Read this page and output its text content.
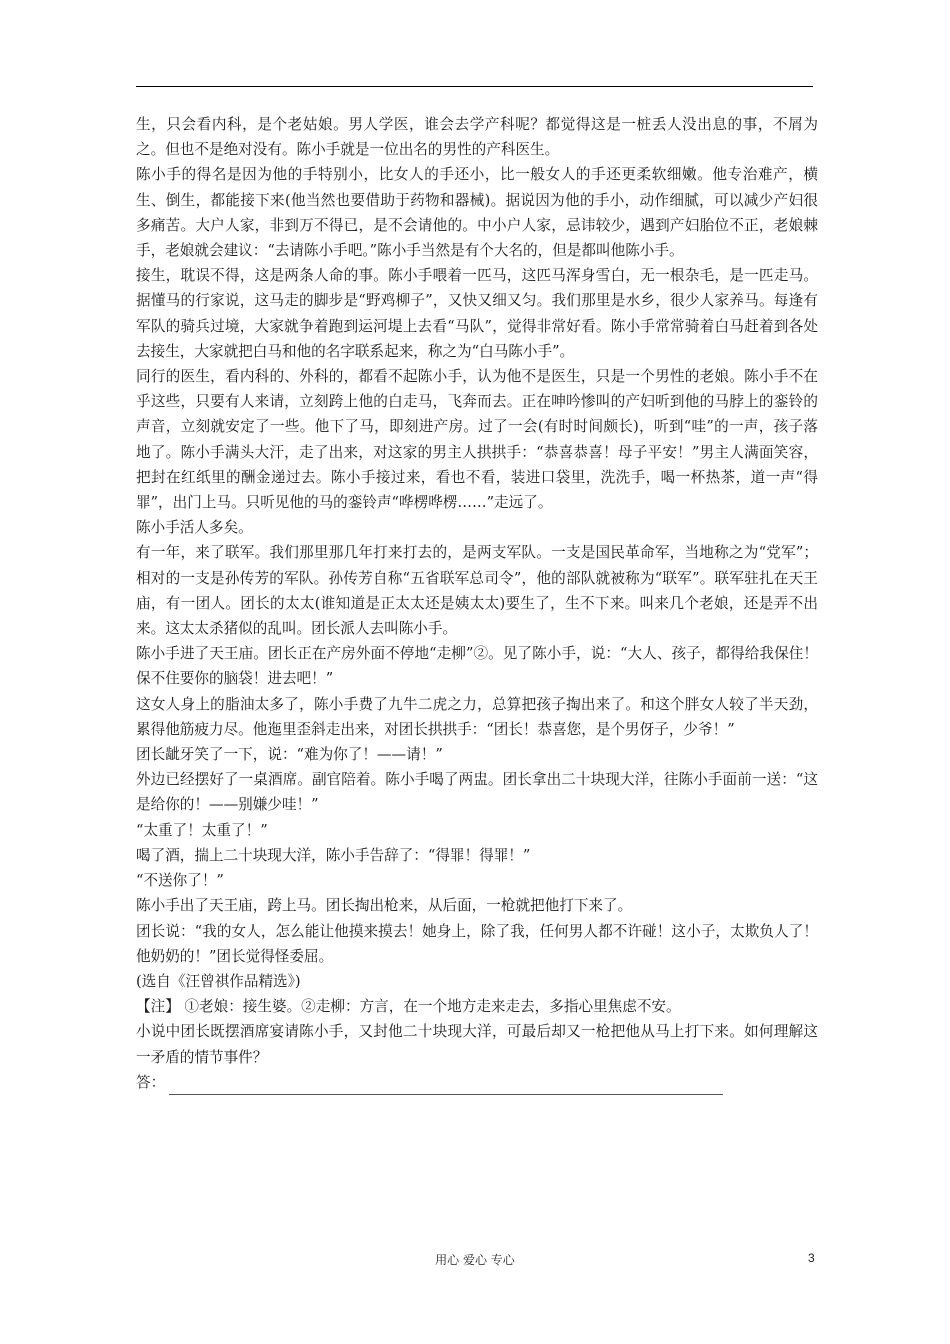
生，只会看内科，是个老姑娘。男人学医，谁会去学产科呢？都觉得这是一桩丢人没出息的事，不屑为之。但也不是绝对没有。陈小手就是一位出名的男性的产科医生。

陈小手的得名是因为他的手特别小，比女人的手还小，比一般女人的手还更柔软细嫩。他专治难产，横生、倒生，都能接下来(他当然也要借助于药物和器械)。据说因为他的手小，动作细腻，可以减少产妇很多痛苦。大户人家，非到万不得已，是不会请他的。中小户人家，忌讳较少，遇到产妇胎位不正，老娘棘手，老娘就会建议：“去请陈小手吧。”陈小手当然是有个大名的，但是都叫他陈小手。

接生，耽误不得，这是两条人命的事。陈小手喂着一匹马，这匹马浑身雪白，无一根杂毛，是一匹走马。据懂马的行家说，这马走的脚步是“野鸡柳子”，又快又细又匀。我们那里是水乡，很少人家养马。每逢有军队的骑兵过境，大家就争着跑到运河堤上去看“马队”，觉得非常好看。陈小手常常骑着白马赶着到各处去接生，大家就把白马和他的名字联系起来，称之为“白马陈小手”。

同行的医生，看内科的、外科的，都看不起陈小手，认为他不是医生，只是一个男性的老娘。陈小手不在乎这些，只要有人来请，立刻跨上他的白走马，飞奔而去。正在呻吟惨叫的产妇听到他的马脖上的銮铃的声音，立刻就安定了一些。他下了马，即刻进产房。过了一会(有时时间颇长)，听到“哇”的一声，孩子落地了。陈小手满头大汗，走了出来，对这家的男主人拱拱手：“恭喜恭喜！母子平安！”男主人满面笑容，把封在红纸里的酬金递过去。陈小手接过来，看也不看，装进口袋里，洗洗手，喝一杯热茶，道一声“得罪”，出门上马。只听见他的马的銮铃声“哗楞哗楞……”走远了。

陈小手活人多矣。

有一年，来了联军。我们那里那几年打来打去的，是两支军队。一支是国民革命军，当地称之为“党军”；相对的一支是孙传芳的军队。孙传芳自称“五省联军总司令”，他的部队就被称为“联军”。联军驻扎在天王庙，有一团人。团长的太太(谁知道是正太太还是姨太太)要生了，生不下来。叫来几个老娘，还是弄不出来。这太太杀猪似的乱叫。团长派人去叫陈小手。

陈小手进了天王庙。团长正在产房外面不停地“走柳”②。见了陈小手，说：“大人、孩子，都得给我保住！保不住要你的脑袋！进去吧！”

这女人身上的脂油太多了，陈小手费了九牛二虎之力，总算把孩子掏出来了。和这个胖女人较了半天劲，累得他筋疲力尽。他迤里歪斜走出来，对团长拱拱手：“团长！恭喜您，是个男伢子，少爷！”

团长龇牙笑了一下，说：“难为你了！——请！”

外边已经摆好了一桌酒席。副官陪着。陈小手喝了两盅。团长拿出二十块现大洋，往陈小手面前一送：“这是给你的！——别嫌少哇！”

“太重了！太重了！”

喝了酒，揣上二十块现大洋，陈小手告辞了：“得罪！得罪！”

“不送你了！”

陈小手出了天王庙，跨上马。团长掏出枪来，从后面，一枪就把他打下来了。

团长说：“我的女人，怎么能让他摸来摸去！她身上，除了我，任何男人都不许碰！这小子，太欺负人了！他奶奶的！”团长觉得怪委屈。

(选自《汪曾祺作品精选》)

【注】 ①老娘：接生婆。②走柳：方言，在一个地方走来走去，多指心里焦虑不安。

小说中团长既摆酒席宴请陈小手，又封他二十块现大洋，可最后却又一枪把他从马上打下来。如何理解这一矛盾的情节事件？

答：

用心 爱心 专心	3
